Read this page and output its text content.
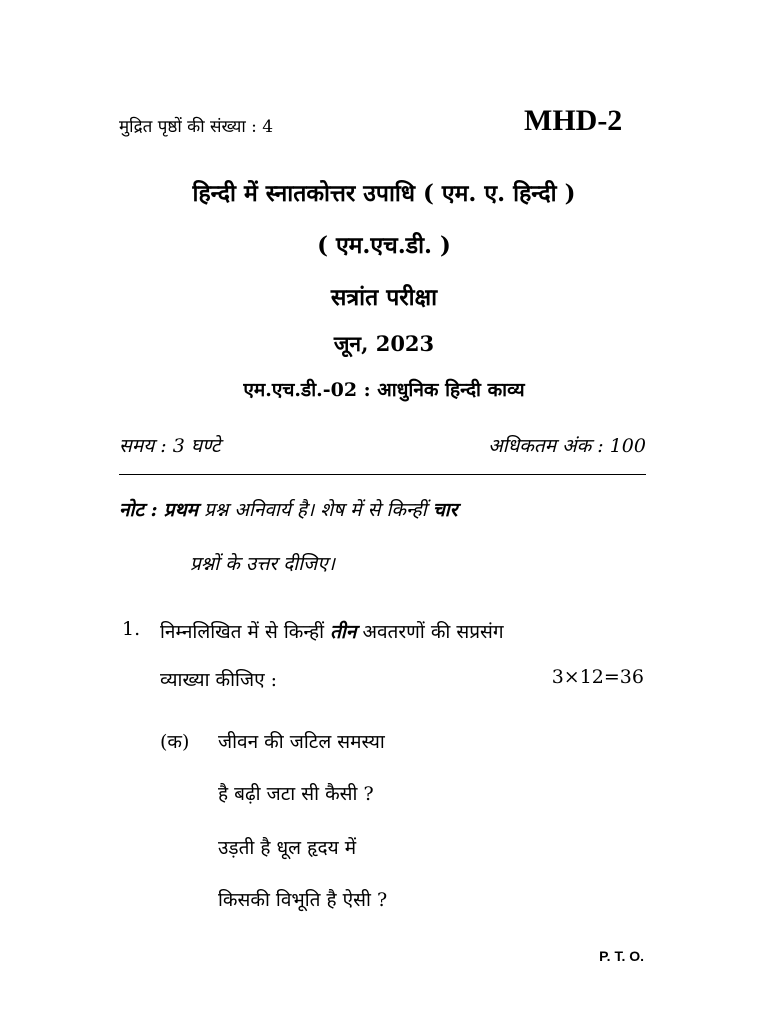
मुद्रित पृष्ठों की संख्या : 4	MHD-2
हिन्दी में स्नातकोत्तर उपाधि ( एम. ए. हिन्दी )
( एम.एच.डी. )
सत्रांत परीक्षा
जून, 2023
एम.एच.डी.-02 : आधुनिक हिन्दी काव्य
समय : 3 घण्टे	अधिकतम अंक : 100
नोट : प्रथम प्रश्न अनिवार्य है। शेष में से किन्हीं चार
प्रश्नों के उत्तर दीजिए।
1. निम्नलिखित में से किन्हीं तीन अवतरणों की सप्रसंग
व्याख्या कीजिए :	3×12=36
(क) जीवन की जटिल समस्या
है बढ़ी जटा सी कैसी ?
उड़ती है धूल हृदय में
किसकी विभूति है ऐसी ?
P. T. O.
